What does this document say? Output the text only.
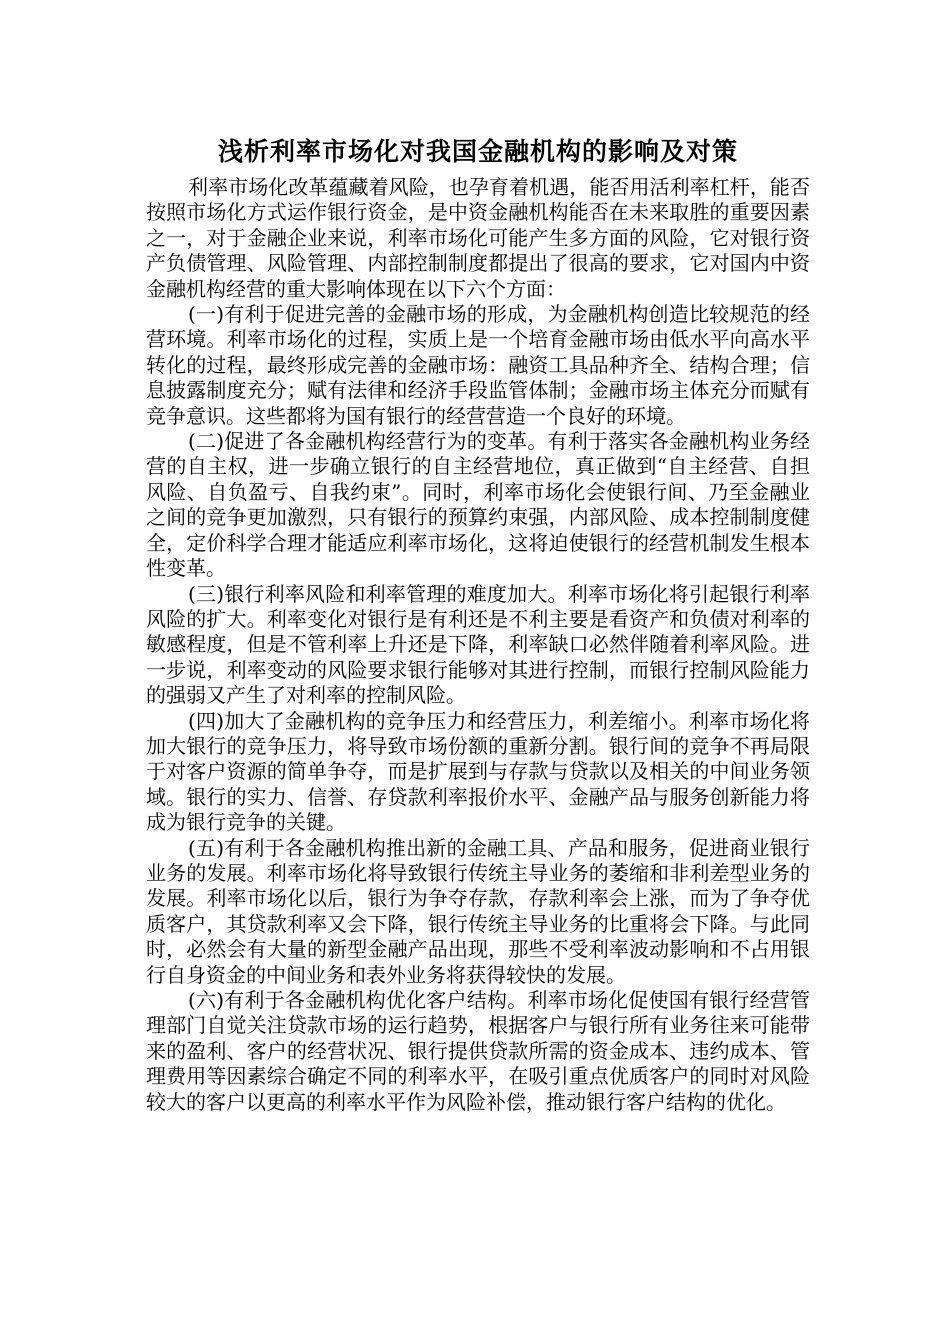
浅析利率市场化对我国金融机构的影响及对策

利率市场化改革蕴藏着风险，也孕育着机遇，能否用活利率杠杆，能否按照市场化方式运作银行资金，是中资金融机构能否在未来取胜的重要因素之一，对于金融企业来说，利率市场化可能产生多方面的风险，它对银行资产负债管理、风险管理、内部控制制度都提出了很高的要求，它对国内中资金融机构经营的重大影响体现在以下六个方面：

(一)有利于促进完善的金融市场的形成，为金融机构创造比较规范的经营环境。利率市场化的过程，实质上是一个培育金融市场由低水平向高水平转化的过程，最终形成完善的金融市场：融资工具品种齐全、结构合理；信息披露制度充分；赋有法律和经济手段监管体制；金融市场主体充分而赋有竞争意识。这些都将为国有银行的经营营造一个良好的环境。

(二)促进了各金融机构经营行为的变革。有利于落实各金融机构业务经营的自主权，进一步确立银行的自主经营地位，真正做到“自主经营、自担风险、自负盈亏、自我约束”。同时，利率市场化会使银行间、乃至金融业之间的竞争更加激烈，只有银行的预算约束强，内部风险、成本控制制度健全，定价科学合理才能适应利率市场化，这将迫使银行的经营机制发生根本性变革。

(三)银行利率风险和利率管理的难度加大。利率市场化将引起银行利率风险的扩大。利率变化对银行是有利还是不利主要是看资产和负债对利率的敏感程度，但是不管利率上升还是下降，利率缺口必然伴随着利率风险。进一步说，利率变动的风险要求银行能够对其进行控制，而银行控制风险能力的强弱又产生了对利率的控制风险。

(四)加大了金融机构的竞争压力和经营压力，利差缩小。利率市场化将加大银行的竞争压力，将导致市场份额的重新分割。银行间的竞争不再局限于对客户资源的简单争夺，而是扩展到与存款与贷款以及相关的中间业务领域。银行的实力、信誉、存贷款利率报价水平、金融产品与服务创新能力将成为银行竞争的关键。

(五)有利于各金融机构推出新的金融工具、产品和服务，促进商业银行业务的发展。利率市场化将导致银行传统主导业务的萎缩和非利差型业务的发展。利率市场化以后，银行为争夺存款，存款利率会上涨，而为了争夺优质客户，其贷款利率又会下降，银行传统主导业务的比重将会下降。与此同时，必然会有大量的新型金融产品出现，那些不受利率波动影响和不占用银行自身资金的中间业务和表外业务将获得较快的发展。

(六)有利于各金融机构优化客户结构。利率市场化促使国有银行经营管理部门自觉关注贷款市场的运行趋势，根据客户与银行所有业务往来可能带来的盈利、客户的经营状况、银行提供贷款所需的资金成本、违约成本、管理费用等因素综合确定不同的利率水平，在吸引重点优质客户的同时对风险较大的客户以更高的利率水平作为风险补偿，推动银行客户结构的优化。
